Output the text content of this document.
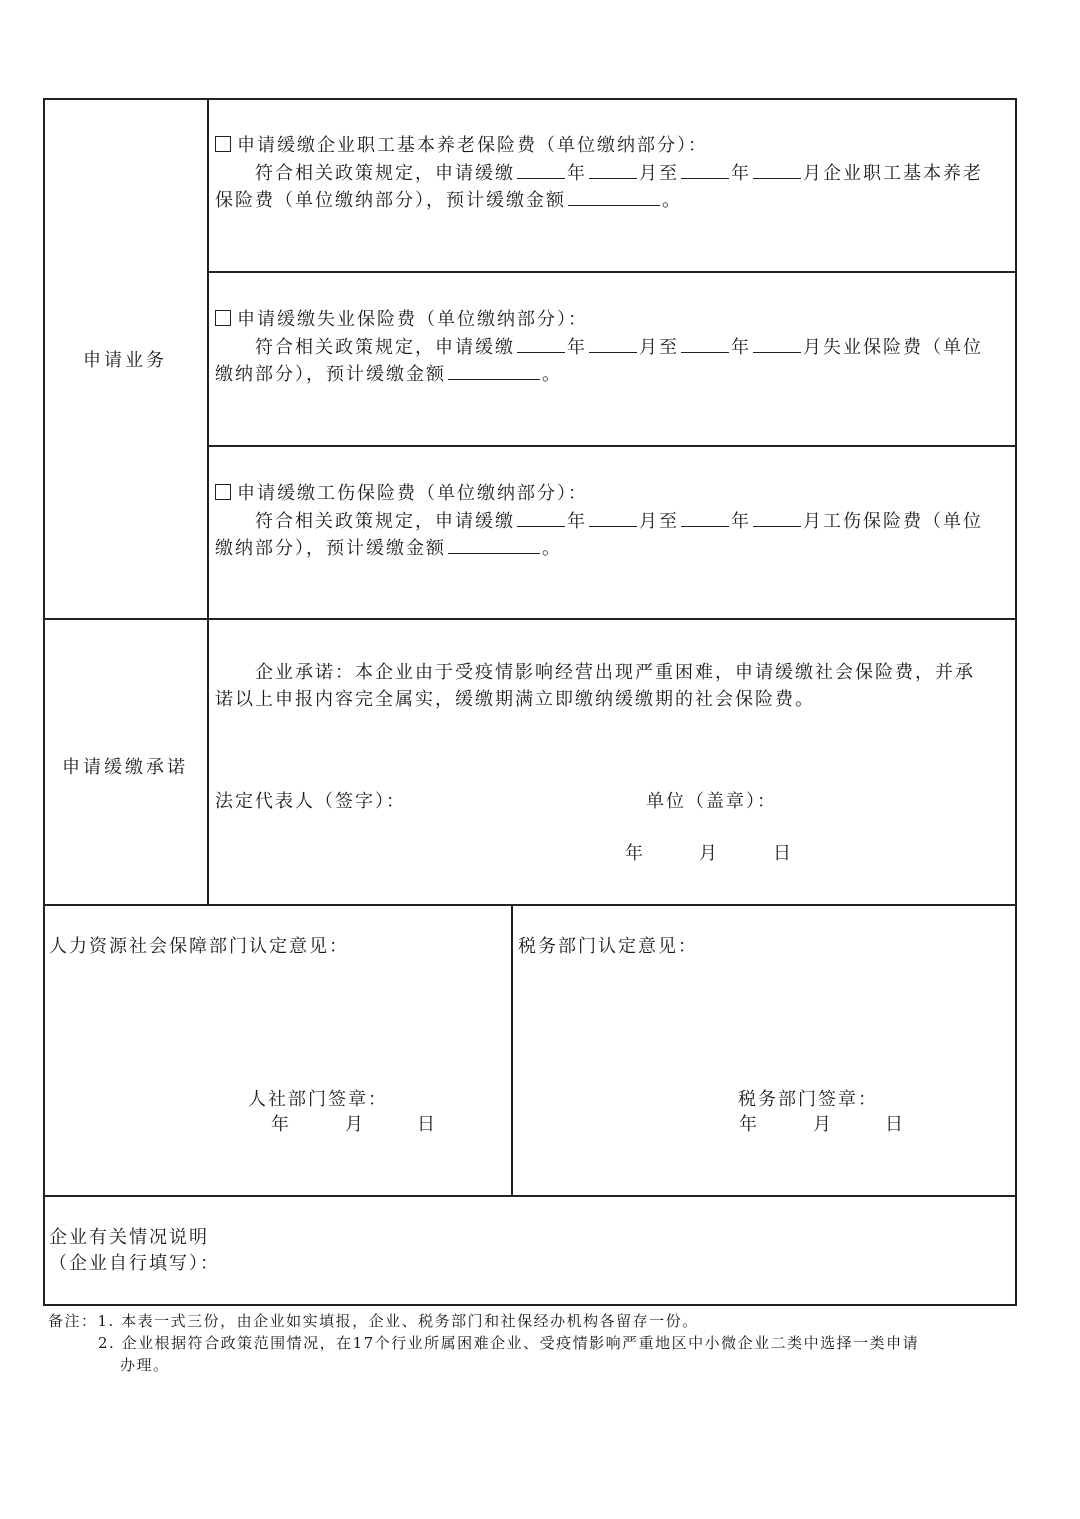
申请业务
申请缓缴企业职工基本养老保险费（单位缴纳部分）：
符合相关政策规定，申请缓缴	年	月至	年	月企业职工基本养老
保险费（单位缴纳部分），预计缓缴金额	。
申请缓缴失业保险费（单位缴纳部分）：
符合相关政策规定，申请缓缴	年	月至	年	月失业保险费（单位
缴纳部分），预计缓缴金额	。
申请缓缴工伤保险费（单位缴纳部分）：
符合相关政策规定，申请缓缴	年	月至	年	月工伤保险费（单位
缴纳部分），预计缓缴金额	。
申请缓缴承诺
企业承诺：本企业由于受疫情影响经营出现严重困难，申请缓缴社会保险费，并承
诺以上申报内容完全属实，缓缴期满立即缴纳缓缴期的社会保险费。
法定代表人（签字）：	单位（盖章）：
年	月	日
人力资源社会保障部门认定意见：
人社部门签章：
年	月	日
税务部门认定意见：
税务部门签章：
年	月	日
企业有关情况说明
（企业自行填写）：
备注：1. 本表一式三份，由企业如实填报，企业、税务部门和社保经办机构各留存一份。
2. 企业根据符合政策范围情况，在17个行业所属困难企业、受疫情影响严重地区中小微企业二类中选择一类申请
办理。
